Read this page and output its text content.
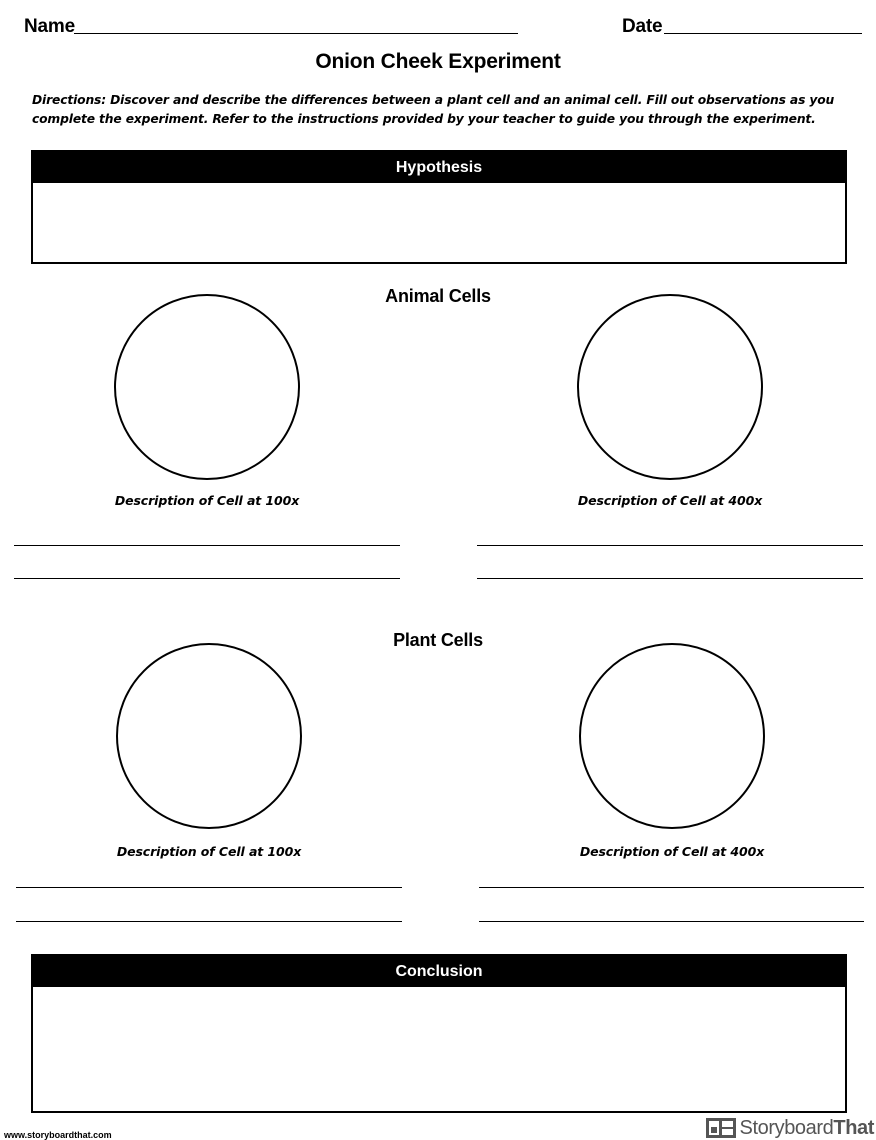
Name	Date
Onion Cheek Experiment
Directions: Discover and describe the differences between a plant cell and an animal cell. Fill out observations as you complete the experiment. Refer to the instructions provided by your teacher to guide you through the experiment.
Hypothesis
Animal Cells
Description of Cell at 100x	Description of Cell at 400x
Plant Cells
Description of Cell at 100x	Description of Cell at 400x
Conclusion
www.storyboardthat.com	StoryboardThat
